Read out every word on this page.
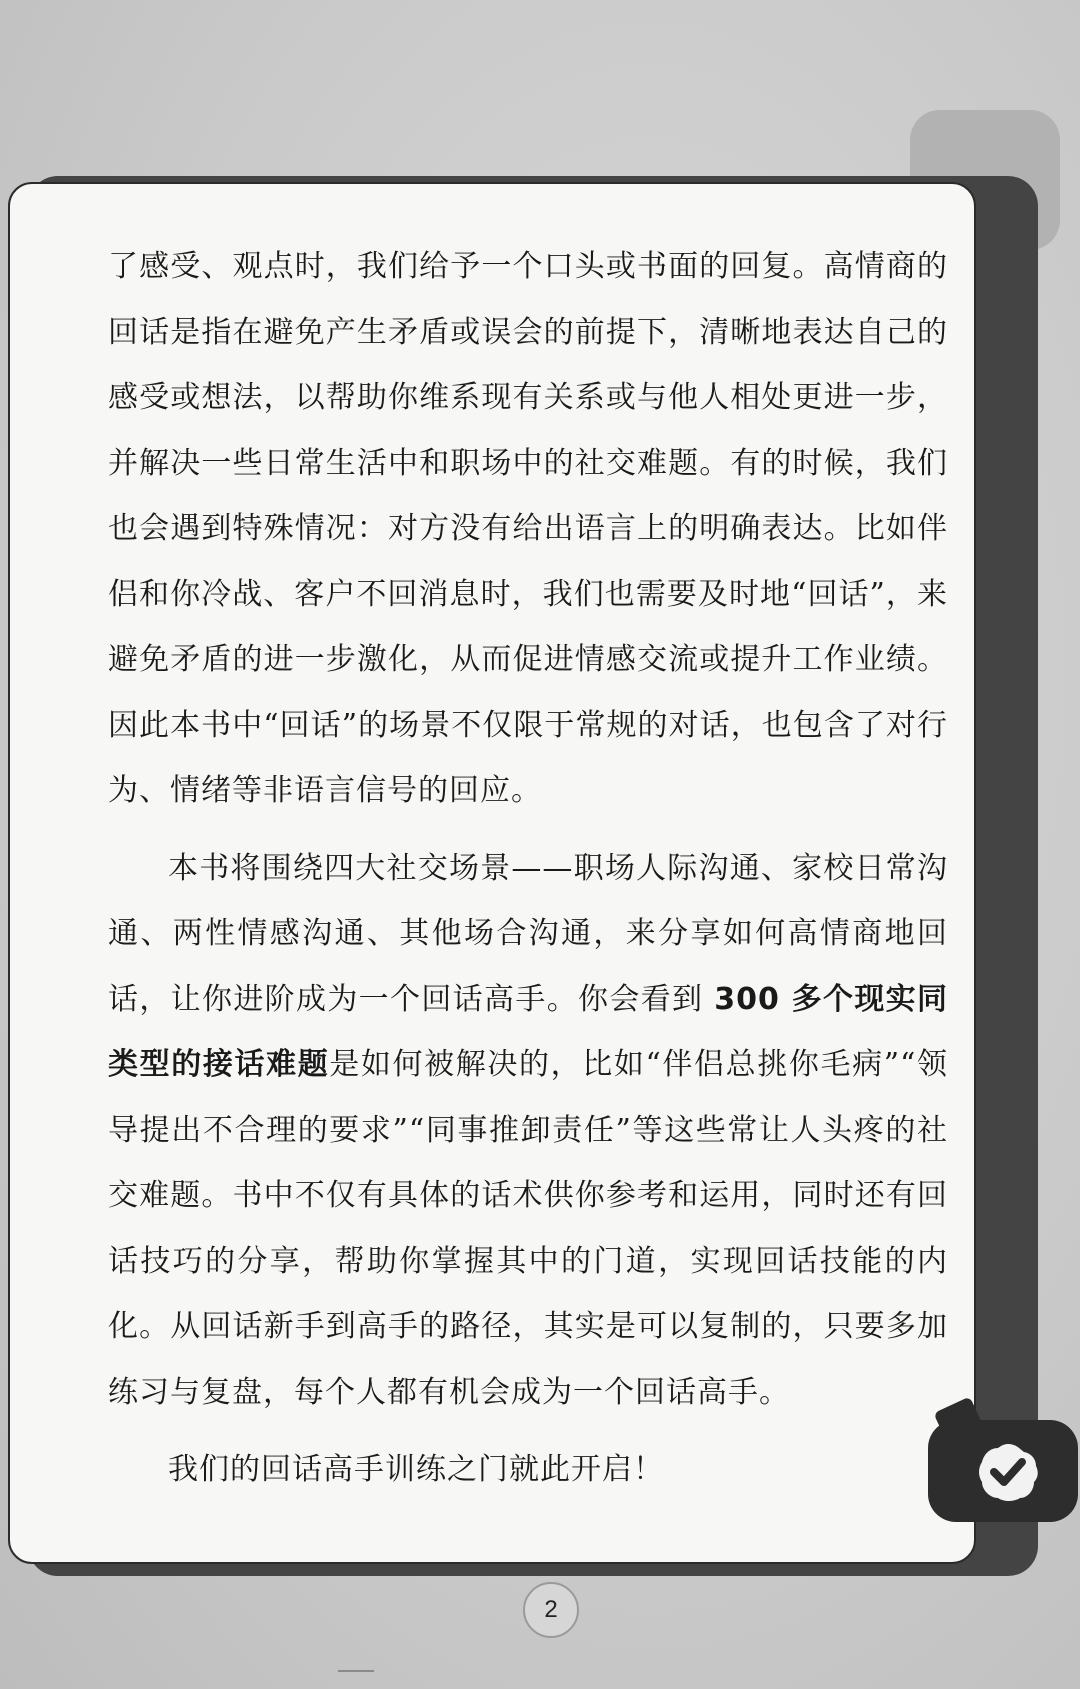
了感受、观点时，我们给予一个口头或书面的回复。高情商的回话是指在避免产生矛盾或误会的前提下，清晰地表达自己的感受或想法，以帮助你维系现有关系或与他人相处更进一步，并解决一些日常生活中和职场中的社交难题。有的时候，我们也会遇到特殊情况：对方没有给出语言上的明确表达。比如伴侣和你冷战、客户不回消息时，我们也需要及时地“回话”，来避免矛盾的进一步激化，从而促进情感交流或提升工作业绩。因此本书中“回话”的场景不仅限于常规的对话，也包含了对行为、情绪等非语言信号的回应。

本书将围绕四大社交场景——职场人际沟通、家校日常沟通、两性情感沟通、其他场合沟通，来分享如何高情商地回话，让你进阶成为一个回话高手。你会看到 300 多个现实同类型的接话难题是如何被解决的，比如“伴侣总挑你毛病”“领导提出不合理的要求”“同事推卸责任”等这些常让人头疼的社交难题。书中不仅有具体的话术供你参考和运用，同时还有回话技巧的分享，帮助你掌握其中的门道，实现回话技能的内化。从回话新手到高手的路径，其实是可以复制的，只要多加练习与复盘，每个人都有机会成为一个回话高手。

我们的回话高手训练之门就此开启！

2
